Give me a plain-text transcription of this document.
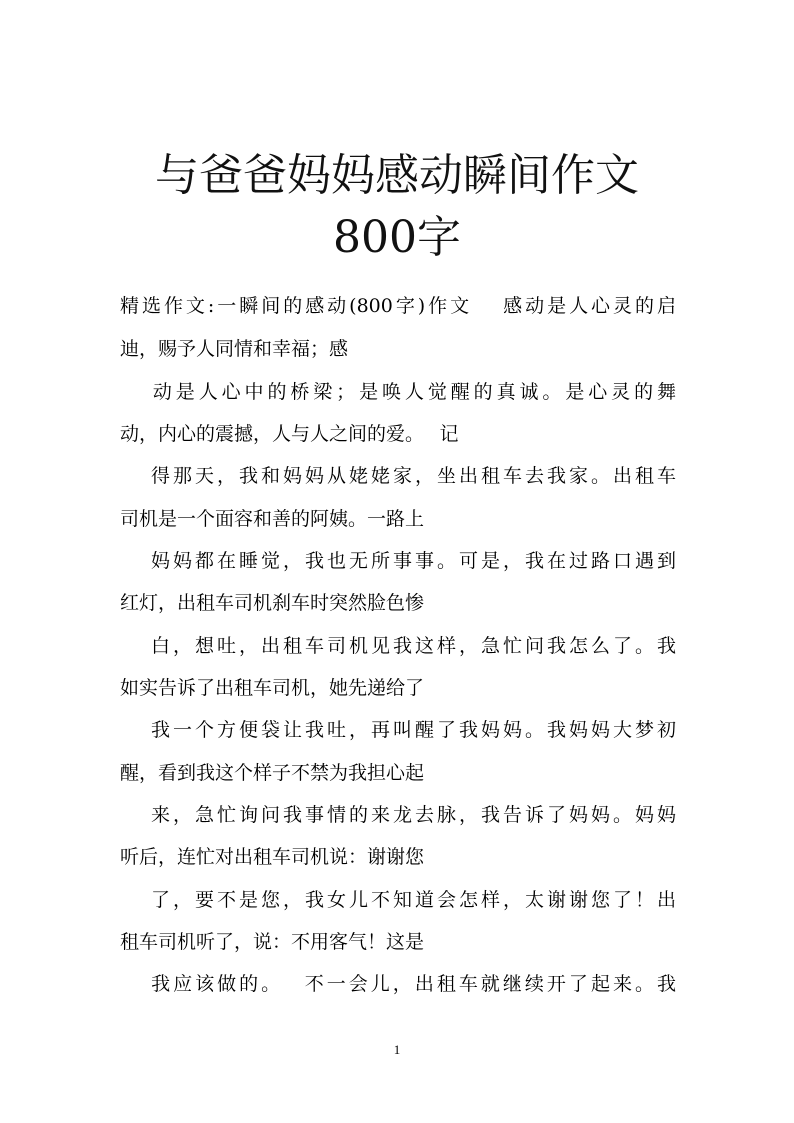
与爸爸妈妈感动瞬间作文
800字

精选作文:一瞬间的感动(800字)作文　 感动是人心灵的启

迪，赐予人同情和幸福；感

　 动是人心中的桥梁；是唤人觉醒的真诚。是心灵的舞

动，内心的震撼，人与人之间的爱。　 记

　 得那天，我和妈妈从姥姥家，坐出租车去我家。出租车

司机是一个面容和善的阿姨。一路上

　 妈妈都在睡觉，我也无所事事。可是，我在过路口遇到

红灯，出租车司机刹车时突然脸色惨

　 白，想吐，出租车司机见我这样，急忙问我怎么了。我

如实告诉了出租车司机，她先递给了

　 我一个方便袋让我吐，再叫醒了我妈妈。我妈妈大梦初

醒，看到我这个样子不禁为我担心起

　 来，急忙询问我事情的来龙去脉，我告诉了妈妈。妈妈

听后，连忙对出租车司机说：谢谢您

　 了，要不是您，我女儿不知道会怎样，太谢谢您了！出

租车司机听了，说：不用客气！这是

　 我应该做的。　 不一会儿，出租车就继续开了起来。我

1
